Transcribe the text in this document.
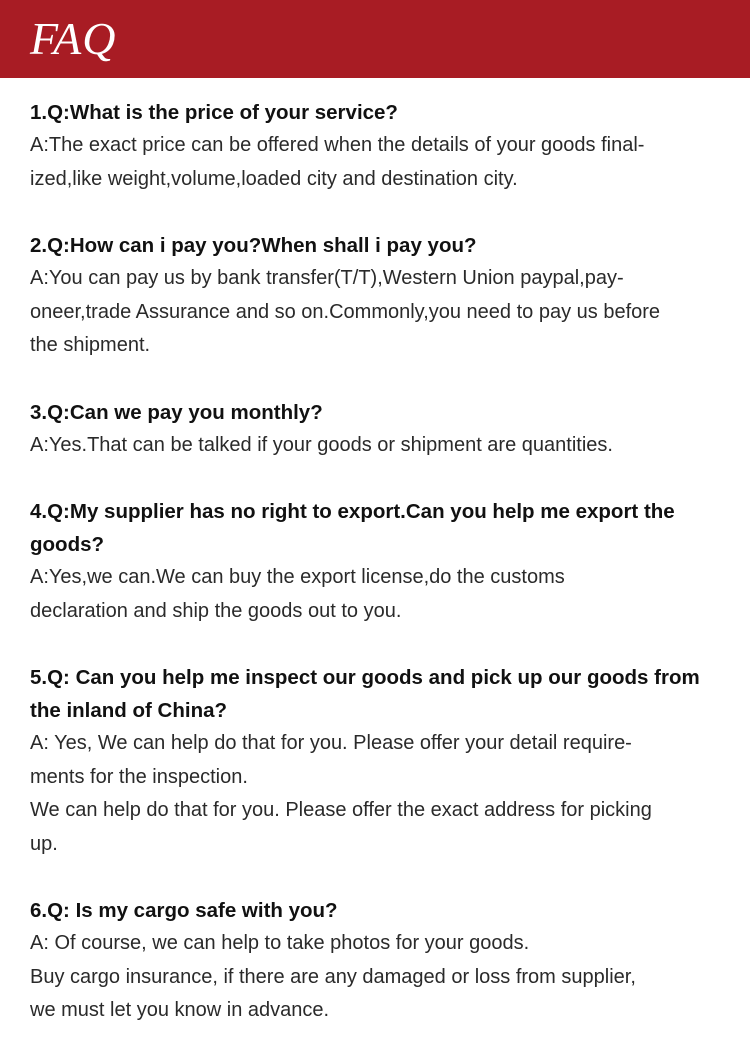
FAQ
1.Q:What is the price of your service?
A:The exact price can be offered when the details of your goods final-
ized,like weight,volume,loaded city and destination city.
2.Q:How can i pay you?When shall i pay you?
A:You can pay us by bank transfer(T/T),Western Union paypal,pay-
oneer,trade Assurance and so on.Commonly,you need to pay us before
the shipment.
3.Q:Can we pay you monthly?
A:Yes.That can be talked if your goods or shipment are quantities.
4.Q:My supplier has no right to export.Can you help me export the
goods?
A:Yes,we can.We can buy the export license,do the customs
declaration and ship the goods out to you.
5.Q: Can you help me inspect our goods and pick up our goods from
the inland of China?
A: Yes, We can help do that for you. Please offer your detail require-
ments for the inspection.
We can help do that for you. Please offer the exact address for picking
up.
6.Q: Is my cargo safe with you?
A: Of course, we can help to take photos for your goods.
Buy cargo insurance, if there are any damaged or loss from supplier,
we must let you know in advance.
